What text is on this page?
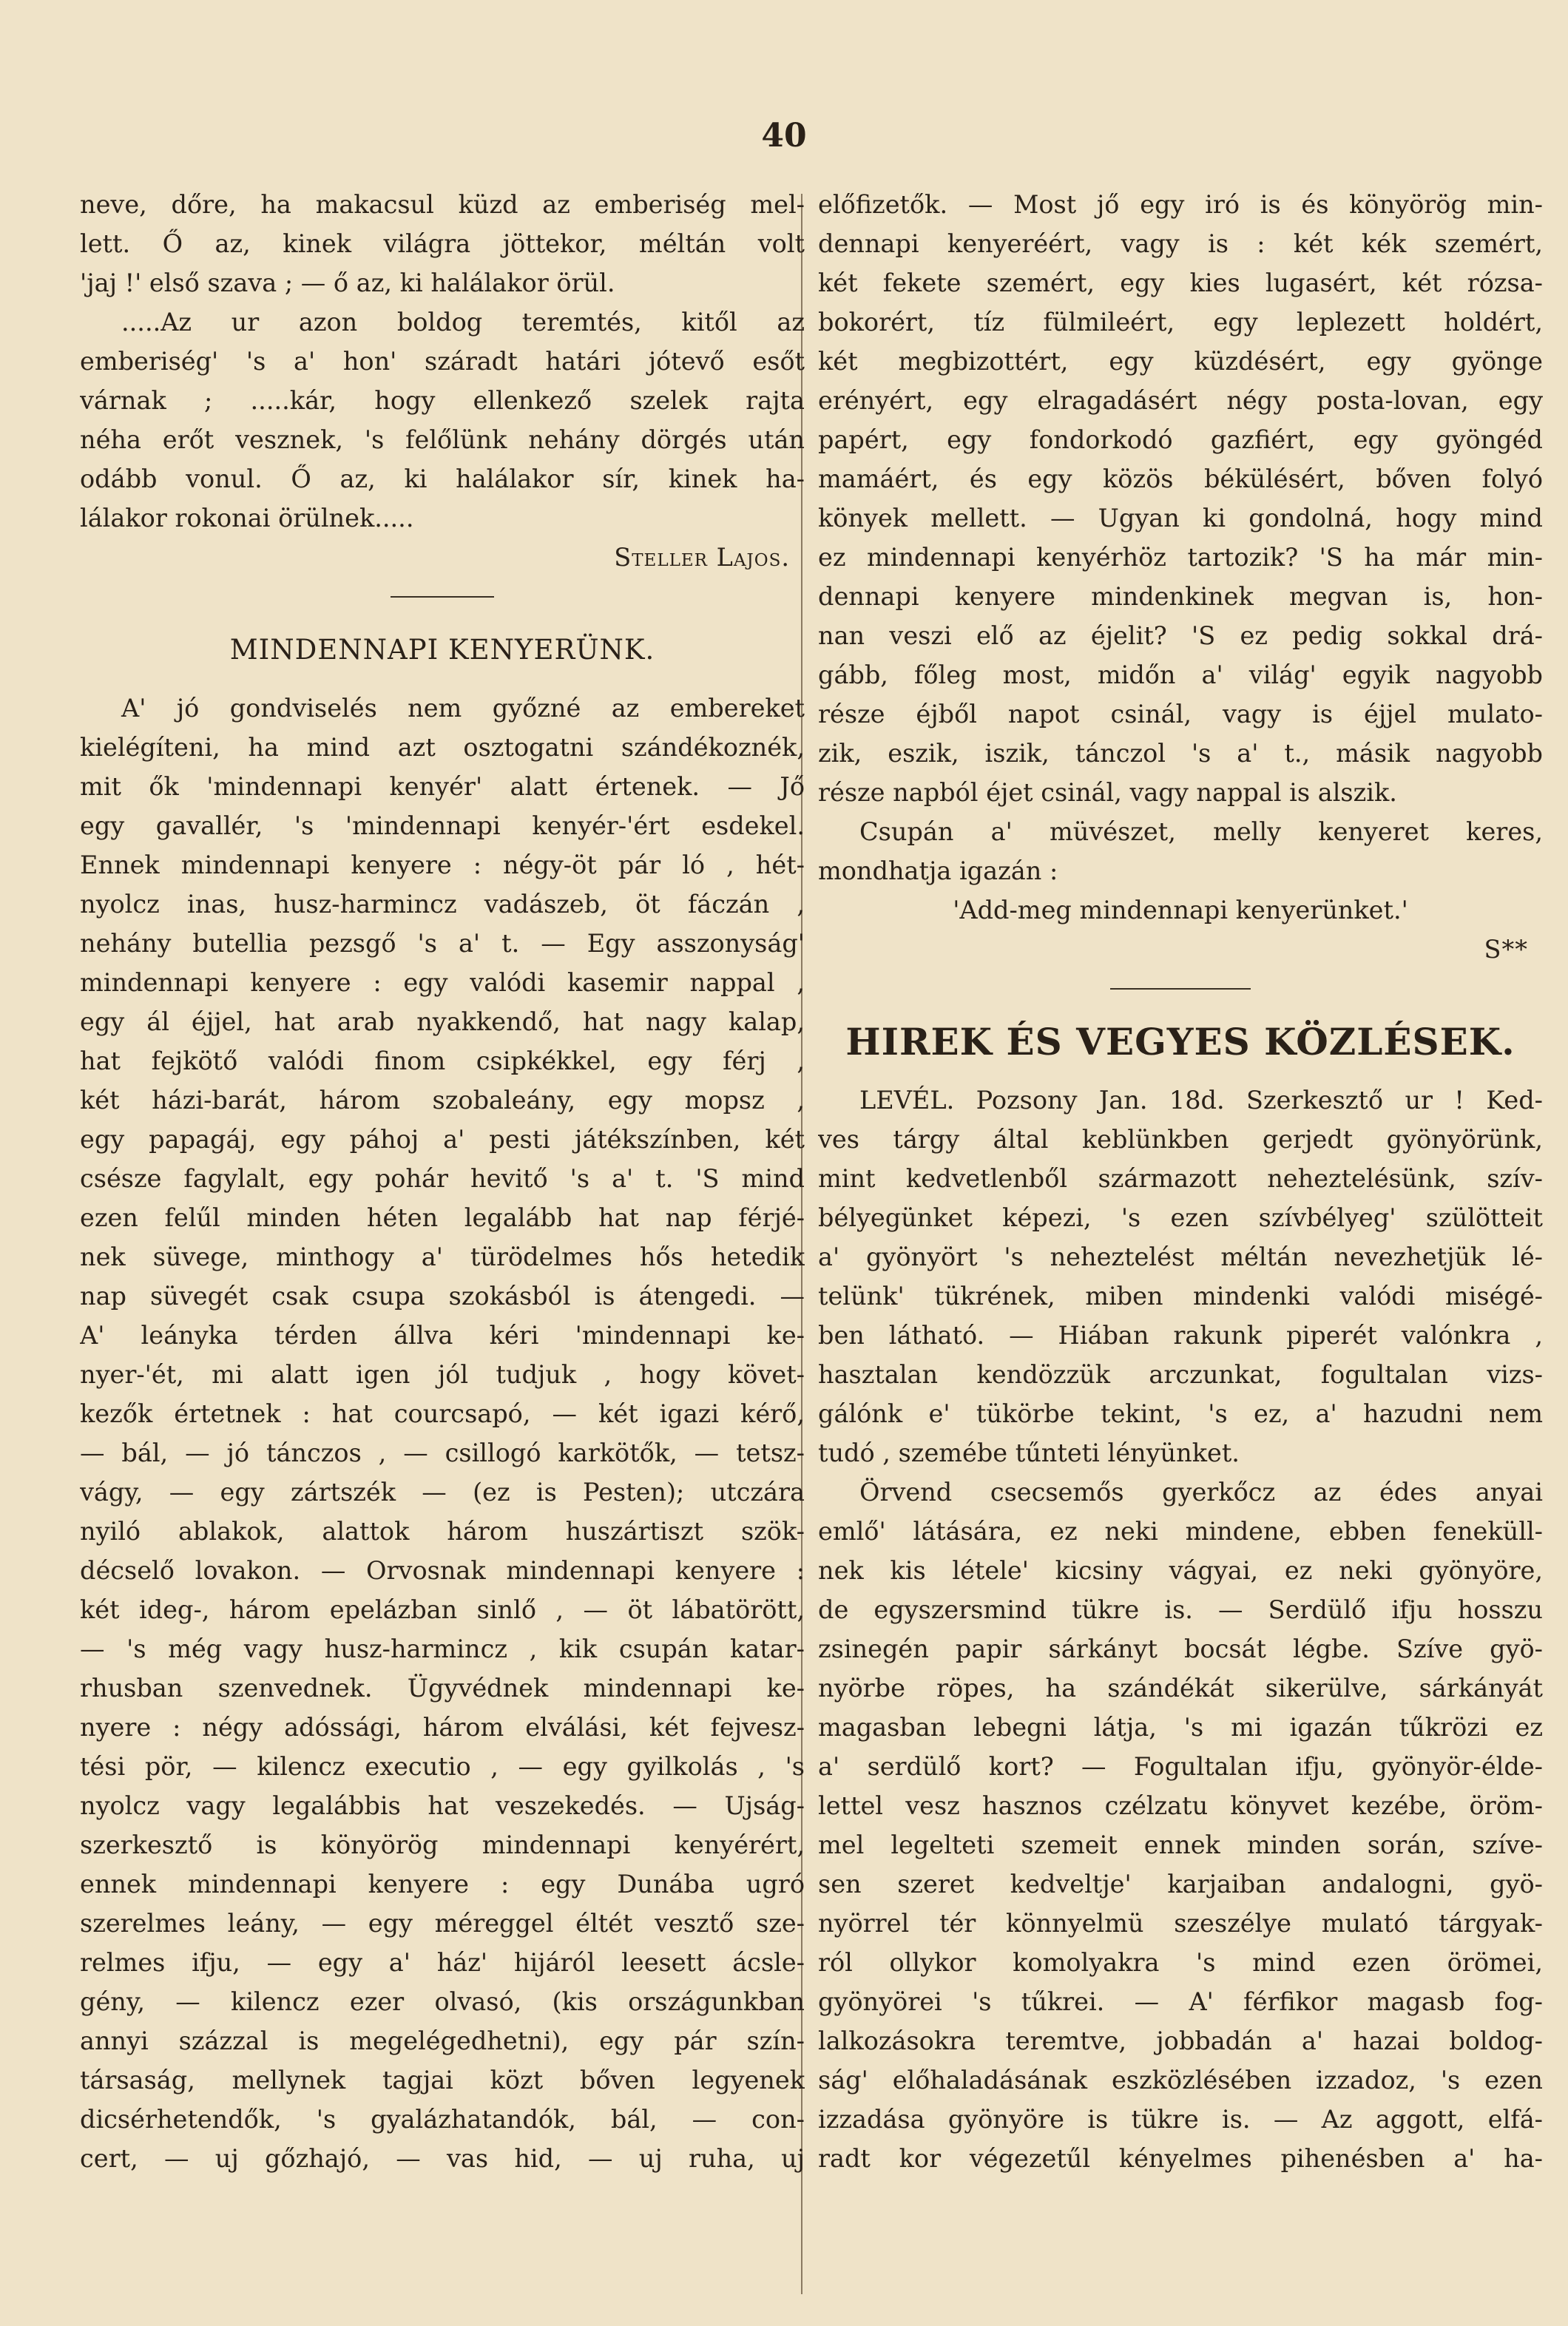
40
neve, dőre, ha makacsul küzd az emberiség mel-
lett. Ő az, kinek világra jöttekor, méltán volt
'jaj !' első szava ; — ő az, ki halálakor örül.
.....Az ur azon boldog teremtés, kitől az
emberiség' 's a' hon' száradt határi jótevő esőt
várnak ; .....kár, hogy ellenkező szelek rajta
néha erőt vesznek, 's felőlünk nehány dörgés után
odább vonul. Ő az, ki halálakor sír, kinek ha-
lálakor rokonai örülnek.....
Steller Lajos.
MINDENNAPI KENYERÜNK.
A' jó gondviselés nem győzné az embereket
kielégíteni, ha mind azt osztogatni szándékoznék,
mit ők 'mindennapi kenyér' alatt értenek. — Jő
egy gavallér, 's 'mindennapi kenyér-'ért esdekel.
Ennek mindennapi kenyere : négy-öt pár ló , hét-
nyolcz inas, husz-harmincz vadászeb, öt fáczán ,
nehány butellia pezsgő 's a' t. — Egy asszonyság'
mindennapi kenyere : egy valódi kasemir nappal ,
egy ál éjjel, hat arab nyakkendő, hat nagy kalap,
hat fejkötő valódi finom csipkékkel, egy férj ,
két házi-barát, három szobaleány, egy mopsz ,
egy papagáj, egy páhoj a' pesti játékszínben, két
csésze fagylalt, egy pohár hevitő 's a' t. 'S mind
ezen felűl minden héten legalább hat nap férjé-
nek süvege, minthogy a' türödelmes hős hetedik
nap süvegét csak csupa szokásból is átengedi. —
A' leányka térden állva kéri 'mindennapi ke-
nyer-'ét, mi alatt igen jól tudjuk , hogy követ-
kezők értetnek : hat courcsapó, — két igazi kérő,
— bál, — jó tánczos , — csillogó karkötők, — tetsz-
vágy, — egy zártszék — (ez is Pesten); utczára
nyiló ablakok, alattok három huszártiszt szök-
décselő lovakon. — Orvosnak mindennapi kenyere :
két ideg-, három epelázban sinlő , — öt lábatörött,
— 's még vagy husz-harmincz , kik csupán katar-
rhusban szenvednek. Ügyvédnek mindennapi ke-
nyere : négy adóssági, három elválási, két fejvesz-
tési pör, — kilencz executio , — egy gyilkolás , 's
nyolcz vagy legalábbis hat veszekedés. — Ujság-
szerkesztő is könyörög mindennapi kenyérért,
ennek mindennapi kenyere : egy Dunába ugró
szerelmes leány, — egy méreggel éltét vesztő sze-
relmes ifju, — egy a' ház' hijáról leesett ácsle-
gény, — kilencz ezer olvasó, (kis országunkban
annyi százzal is megelégedhetni), egy pár szín-
társaság, mellynek tagjai közt bőven legyenek
dicsérhetendők, 's gyalázhatandók, bál, — con-
cert, — uj gőzhajó, — vas hid, — uj ruha, uj
előfizetők. — Most jő egy iró is és könyörög min-
dennapi kenyeréért, vagy is : két kék szemért,
két fekete szemért, egy kies lugasért, két rózsa-
bokorért, tíz fülmileért, egy leplezett holdért,
két megbizottért, egy küzdésért, egy gyönge
erényért, egy elragadásért négy posta-lovan, egy
papért, egy fondorkodó gazfiért, egy gyöngéd
mamáért, és egy közös békülésért, bőven folyó
könyek mellett. — Ugyan ki gondolná, hogy mind
ez mindennapi kenyérhöz tartozik? 'S ha már min-
dennapi kenyere mindenkinek megvan is, hon-
nan veszi elő az éjelit? 'S ez pedig sokkal drá-
gább, főleg most, midőn a' világ' egyik nagyobb
része éjből napot csinál, vagy is éjjel mulato-
zik, eszik, iszik, tánczol 's a' t., másik nagyobb
része napból éjet csinál, vagy nappal is alszik.
Csupán a' müvészet, melly kenyeret keres,
mondhatja igazán :
'Add-meg mindennapi kenyerünket.'
S**
HIREK ÉS VEGYES KÖZLÉSEK.
LEVÉL. Pozsony Jan. 18d. Szerkesztő ur ! Ked-
ves tárgy által keblünkben gerjedt gyönyörünk,
mint kedvetlenből származott neheztelésünk, szív-
bélyegünket képezi, 's ezen szívbélyeg' szülötteit
a' gyönyört 's neheztelést méltán nevezhetjük lé-
telünk' tükrének, miben mindenki valódi miségé-
ben látható. — Hiában rakunk piperét valónkra ,
hasztalan kendözzük arczunkat, fogultalan vizs-
gálónk e' tükörbe tekint, 's ez, a' hazudni nem
tudó , szemébe tűnteti lényünket.
Örvend csecsemős gyerkőcz az édes anyai
emlő' látására, ez neki mindene, ebben feneküll-
nek kis létele' kicsiny vágyai, ez neki gyönyöre,
de egyszersmind tükre is. — Serdülő ifju hosszu
zsinegén papir sárkányt bocsát légbe. Szíve gyö-
nyörbe röpes, ha szándékát sikerülve, sárkányát
magasban lebegni látja, 's mi igazán tűkrözi ez
a' serdülő kort? — Fogultalan ifju, gyönyör-élde-
lettel vesz hasznos czélzatu könyvet kezébe, öröm-
mel legelteti szemeit ennek minden során, szíve-
sen szeret kedveltje' karjaiban andalogni, gyö-
nyörrel tér könnyelmü szeszélye mulató tárgyak-
ról ollykor komolyakra 's mind ezen örömei,
gyönyörei 's tűkrei. — A' férfikor magasb fog-
lalkozásokra teremtve, jobbadán a' hazai boldog-
ság' előhaladásának eszközlésében izzadoz, 's ezen
izzadása gyönyöre is tükre is. — Az aggott, elfá-
radt kor végezetűl kényelmes pihenésben a' ha-
